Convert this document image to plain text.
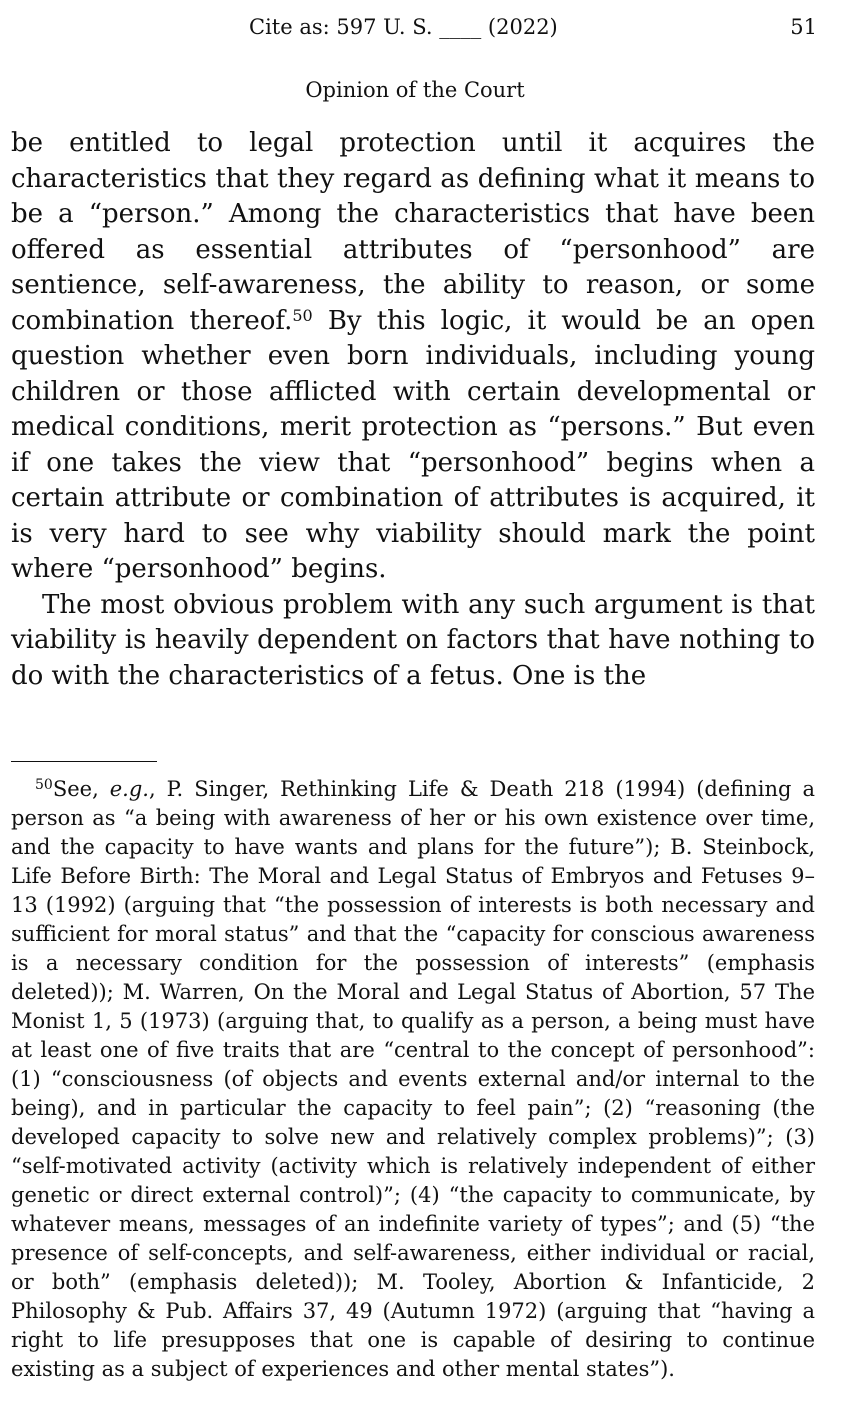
Cite as: 597 U. S. ____ (2022)	51
Opinion of the Court

be entitled to legal protection until it acquires the characteristics that they regard as defining what it means to be a “person.” Among the characteristics that have been offered as essential attributes of “personhood” are sentience, self-awareness, the ability to reason, or some combination thereof.$^{50}$ By this logic, it would be an open question whether even born individuals, including young children or those afflicted with certain developmental or medical conditions, merit protection as “persons.” But even if one takes the view that “personhood” begins when a certain attribute or combination of attributes is acquired, it is very hard to see why viability should mark the point where “personhood” begins.

The most obvious problem with any such argument is that viability is heavily dependent on factors that have nothing to do with the characteristics of a fetus. One is the

$^{50}$See, e.g., P. Singer, Rethinking Life & Death 218 (1994) (defining a person as “a being with awareness of her or his own existence over time, and the capacity to have wants and plans for the future”); B. Steinbock, Life Before Birth: The Moral and Legal Status of Embryos and Fetuses 9–13 (1992) (arguing that “the possession of interests is both necessary and sufficient for moral status” and that the “capacity for conscious awareness is a necessary condition for the possession of interests” (emphasis deleted)); M. Warren, On the Moral and Legal Status of Abortion, 57 The Monist 1, 5 (1973) (arguing that, to qualify as a person, a being must have at least one of five traits that are “central to the concept of personhood”: (1) “consciousness (of objects and events external and/or internal to the being), and in particular the capacity to feel pain”; (2) “reasoning (the developed capacity to solve new and relatively complex problems)”; (3) “self-motivated activity (activity which is relatively independent of either genetic or direct external control)”; (4) “the capacity to communicate, by whatever means, messages of an indefinite variety of types”; and (5) “the presence of self-concepts, and self-awareness, either individual or racial, or both” (emphasis deleted)); M. Tooley, Abortion & Infanticide, 2 Philosophy & Pub. Affairs 37, 49 (Autumn 1972) (arguing that “having a right to life presupposes that one is capable of desiring to continue existing as a subject of experiences and other mental states”).
